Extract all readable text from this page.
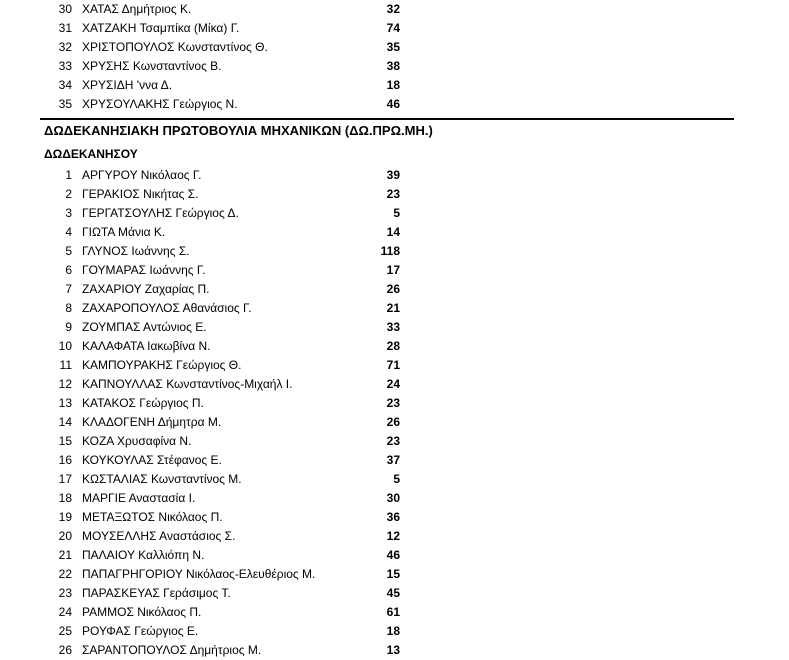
30 ΧΑΤΑΣ Δημήτριος Κ.	32
31 ΧΑΤΖΑΚΗ Τσαμπίκα (Μίκα) Γ.	74
32 ΧΡΙΣΤΟΠΟΥΛΟΣ Κωνσταντίνος Θ.	35
33 ΧΡΥΣΗΣ Κωνσταντίνος Β.	38
34 ΧΡΥΣΙΔΗ 'ννα Δ.	18
35 ΧΡΥΣΟΥΛΑΚΗΣ Γεώργιος Ν.	46
ΔΩΔΕΚΑΝΗΣΙΑΚΗ ΠΡΩΤΟΒΟΥΛΙΑ ΜΗΧΑΝΙΚΩΝ (ΔΩ.ΠΡΩ.ΜΗ.)
ΔΩΔΕΚΑΝΗΣΟΥ
1 ΑΡΓΥΡΟΥ Νικόλαος Γ.	39
2 ΓΕΡΑΚΙΟΣ Νικήτας Σ.	23
3 ΓΕΡΓΑΤΣΟΥΛΗΣ Γεώργιος Δ.	5
4 ΓΙΩΤΑ Μάνια Κ.	14
5 ΓΛΥΝΟΣ Ιωάννης Σ.	118
6 ΓΟΥΜΑΡΑΣ Ιωάννης Γ.	17
7 ΖΑΧΑΡΙΟΥ Ζαχαρίας Π.	26
8 ΖΑΧΑΡΟΠΟΥΛΟΣ Αθανάσιος Γ.	21
9 ΖΟΥΜΠΑΣ Αντώνιος Ε.	33
10 ΚΑΛΑΦΑΤΑ Ιακωβίνα Ν.	28
11 ΚΑΜΠΟΥΡΑΚΗΣ Γεώργιος Θ.	71
12 ΚΑΠΝΟΥΛΛΑΣ Κωνσταντίνος-Μιχαήλ Ι.	24
13 ΚΑΤΑΚΟΣ Γεώργιος Π.	23
14 ΚΛΑΔΟΓΕΝΗ Δήμητρα Μ.	26
15 ΚΟΖΑ Χρυσαφίνα Ν.	23
16 ΚΟΥΚΟΥΛΑΣ Στέφανος Ε.	37
17 ΚΩΣΤΑΛΙΑΣ Κωνσταντίνος Μ.	5
18 ΜΑΡΓΙΕ Αναστασία Ι.	30
19 ΜΕΤΑΞΩΤΟΣ Νικόλαος Π.	36
20 ΜΟΥΣΕΛΛΗΣ Αναστάσιος Σ.	12
21 ΠΑΛΑΙΟΥ Καλλιόπη Ν.	46
22 ΠΑΠΑΓΡΗΓΟΡΙΟΥ Νικόλαος-Ελευθέριος Μ.	15
23 ΠΑΡΑΣΚΕΥΑΣ Γεράσιμος Τ.	45
24 ΡΑΜΜΟΣ Νικόλαος Π.	61
25 ΡΟΥΦΑΣ Γεώργιος Ε.	18
26 ΣΑΡΑΝΤΟΠΟΥΛΟΣ Δημήτριος Μ.	13
